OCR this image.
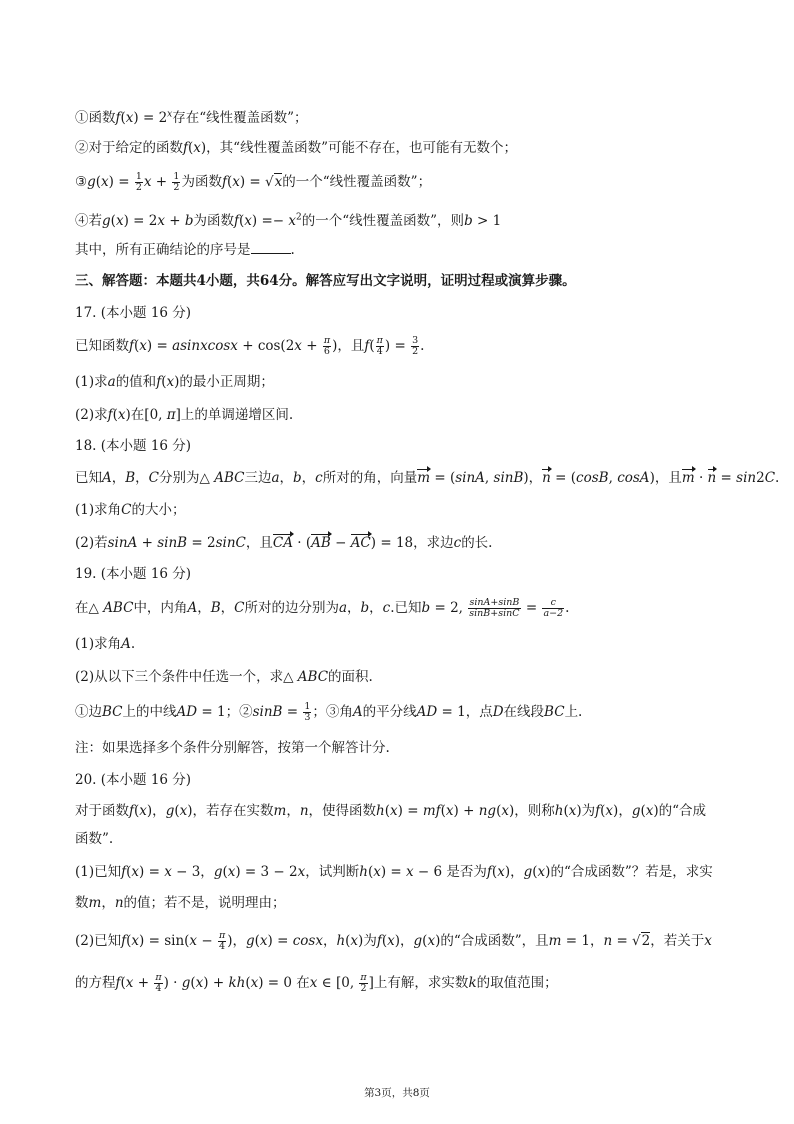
①函数$f(x) = 2^x$存在“线性覆盖函数”；
②对于给定的函数f(x)，其“线性覆盖函数”可能不存在，也可能有无数个；
③g(x) = $\frac{1}{2}$ $x + \frac{1}{2}$ 为函数f(x) = √x的一个“线性覆盖函数”；
④若g(x) = 2x + b为函数$f(x) =- x^2$的一个“线性覆盖函数”，则b > 1
其中，所有正确结论的序号是	.
三、解答题：本题共4小题，共64分。解答应写出文字说明，证明过程或演算步骤。
17. (本小题 16 分)
已知函数f(x) = asinxcosx + $\cos(2x + \frac{\pi}{6}$ )，且$f( \frac{\pi}{4}$ ) = $\frac{3}{2}$ .
(1)求a的值和f(x)的最小正周期；
(2)求f(x)在[0, π]上的单调递增区间.
18. (本小题 16 分)
已知A，B，C分别为△ ABC三边a，b，c所对的角，向量m = (sinA, sinB)，n = (cosB, cosA)，且m · n = sin2C.
(1)求角C的大小；
(2)若sinA + sinB = 2sinC，且CA · (AB − AC) = 18，求边c的长.
19. (本小题 16 分)
在△ ABC中，内角A，B，C所对的边分别为a，b，c.已知b = 2, $\frac{\sin A+\sin B}{\sin B+\sin C} = \frac{c}{a-2}$ .
(1)求角A.
(2)从以下三个条件中任选一个，求△ ABC的面积.
①边BC上的中线AD = 1；②sinB = $\frac{1}{3}$ ；③角A的平分线AD = 1，点D在线段BC上.
注：如果选择多个条件分别解答，按第一个解答计分.
20. (本小题 16 分)
对于函数f(x)，g(x)，若存在实数m，n，使得函数h(x) = mf(x) + ng(x)，则称h(x)为f(x)，g(x)的“合成
函数”.
(1)已知f(x) = x − 3，g(x) = 3 − 2x，试判断h(x) = x − 6 是否为f(x)，g(x)的“合成函数”？若是，求实
数m，n的值；若不是，说明理由；
(2)已知$f(x) = \sin(x - \frac{\pi}{4}$ )，g(x) = cosx，h(x)为f(x)，g(x)的“合成函数”，且m = 1，n = √2，若关于x
的方程$f(x + \frac{\pi}{4}$ ) · g(x) + kh(x) = 0 在x ∈ [0, $\frac{\pi}{2}$ ]上有解，求实数k的取值范围；
第3页，共8页
